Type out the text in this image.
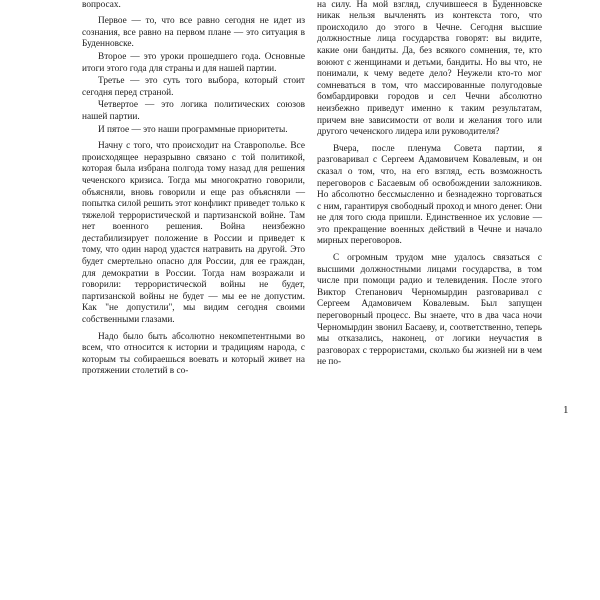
вопросах.

Первое — то, что все равно сегодня не идет из сознания, все равно на первом плане — это ситуация в Буденновске.

Второе — это уроки прошедшего года. Основные итоги этого года для страны и для нашей партии.

Третье — это суть того выбора, который стоит сегодня перед страной.

Четвертое — это логика политических союзов нашей партии.

И пятое — это наши программные приоритеты.

Начну с того, что происходит на Ставрополье. Все происходящее неразрывно связано с той политикой, которая была избрана полгода тому назад для решения чеченского кризиса. Тогда мы многократно говорили, объясняли, вновь говорили и еще раз объясняли — попытка силой решить этот конфликт приведет только к тяжелой террористической и партизанской войне. Там нет военного решения. Война неизбежно дестабилизирует положение в России и приведет к тому, что один народ удастся натравить на другой. Это будет смертельно опасно для России, для ее граждан, для демократии в России. Тогда нам возражали и говорили: террористической войны не будет, партизанской войны не будет — мы ее не допустим. Как "не допустили", мы видим сегодня своими собственными глазами.

Надо было быть абсолютно некомпетентными во всем, что относится к истории и традициям народа, с которым ты собираешься воевать и который живет на протяжении столетий в со-

на силу. На мой взгляд, случившееся в Буденновске никак нельзя вычленять из контекста того, что происходило до этого в Чечне. Сегодня высшие должностные лица государства говорят: вы видите, какие они бандиты. Да, без всякого сомнения, те, кто воюют с женщинами и детьми, бандиты. Но вы что, не понимали, к чему ведете дело? Неужели кто-то мог сомневаться в том, что массированные полугодовые бомбардировки городов и сел Чечни абсолютно неизбежно приведут именно к таким результатам, причем вне зависимости от воли и желания того или другого чеченского лидера или руководителя?

Вчера, после пленума Совета партии, я разговаривал с Сергеем Адамовичем Ковалевым, и он сказал о том, что, на его взгляд, есть возможность переговоров с Басаевым об освобождении заложников. Но абсолютно бессмысленно и безнадежно торговаться с ним, гарантируя свободный проход и много денег. Они не для того сюда пришли. Единственное их условие — это прекращение военных действий в Чечне и начало мирных переговоров.

С огромным трудом мне удалось связаться с высшими должностными лицами государства, в том числе при помощи радио и телевидения. После этого Виктор Степанович Черномырдин разговаривал с Сергеем Адамовичем Ковалевым. Был запущен переговорный процесс. Вы знаете, что в два часа ночи Черномырдин звонил Басаеву, и, соответственно, теперь мы отказались, наконец, от логики неучастия в разговорах с террористами, сколько бы жизней ни в чем не по-

1
